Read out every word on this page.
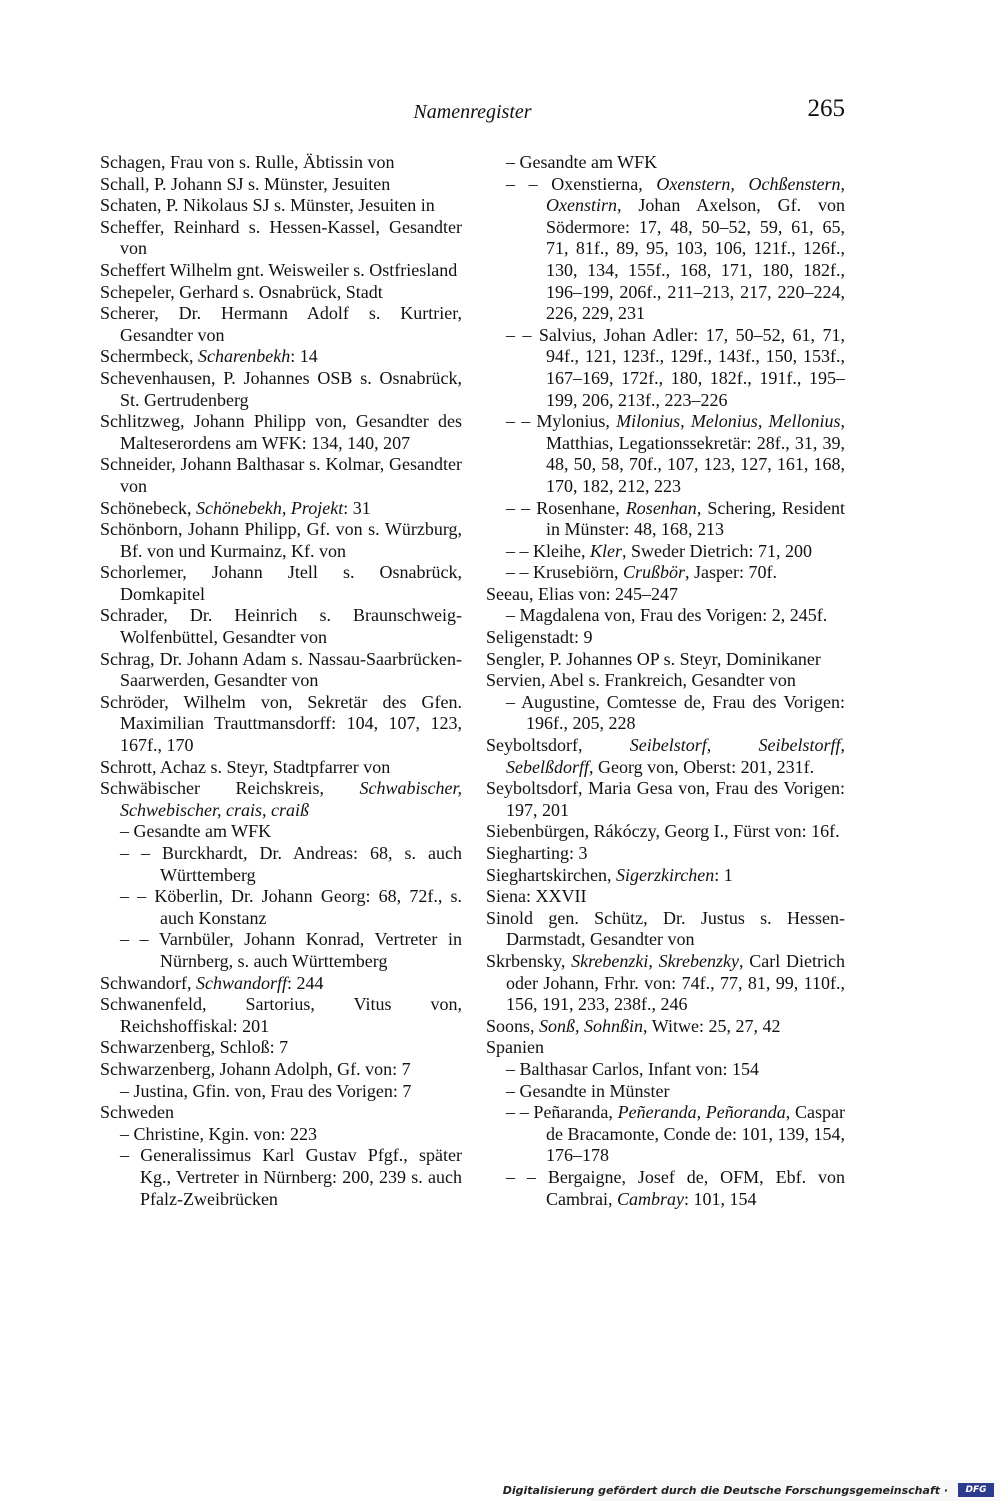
Namenregister	265
Schagen, Frau von s. Rulle, Äbtissin von
Schall, P. Johann SJ s. Münster, Jesuiten
Schaten, P. Nikolaus SJ s. Münster, Jesuiten in
Scheffer, Reinhard s. Hessen-Kassel, Gesandter von
Scheffert Wilhelm gnt. Weisweiler s. Ostfriesland
Schepeler, Gerhard s. Osnabrück, Stadt
Scherer, Dr. Hermann Adolf s. Kurtrier, Gesandter von
Schermbeck, Scharenbekh: 14
Schevenhausen, P. Johannes OSB s. Osnabrück, St. Gertrudenberg
Schlitzweg, Johann Philipp von, Gesandter des Malteserordens am WFK: 134, 140, 207
Schneider, Johann Balthasar s. Kolmar, Gesandter von
Schönebeck, Schönebekh, Projekt: 31
Schönborn, Johann Philipp, Gf. von s. Würzburg, Bf. von und Kurmainz, Kf. von
Schorlemer, Johann Jtell s. Osnabrück, Domkapitel
Schrader, Dr. Heinrich s. Braunschweig-Wolfenbüttel, Gesandter von
Schrag, Dr. Johann Adam s. Nassau-Saarbrücken-Saarwerden, Gesandter von
Schröder, Wilhelm von, Sekretär des Gfen. Maximilian Trauttmansdorff: 104, 107, 123, 167f., 170
Schrott, Achaz s. Steyr, Stadtpfarrer von
Schwäbischer Reichskreis, Schwabischer, Schwebischer, crais, craiß
– Gesandte am WFK
– – Burckhardt, Dr. Andreas: 68, s. auch Württemberg
– – Köberlin, Dr. Johann Georg: 68, 72f., s. auch Konstanz
– – Varnbüler, Johann Konrad, Vertreter in Nürnberg, s. auch Württemberg
Schwandorf, Schwandorff: 244
Schwanenfeld, Sartorius, Vitus von, Reichshoffiskal: 201
Schwarzenberg, Schloß: 7
Schwarzenberg, Johann Adolph, Gf. von: 7
– Justina, Gfin. von, Frau des Vorigen: 7
Schweden
– Christine, Kgin. von: 223
– Generalissimus Karl Gustav Pfgf., später Kg., Vertreter in Nürnberg: 200, 239 s. auch Pfalz-Zweibrücken
– Gesandte am WFK
– – Oxenstierna, Oxenstern, Ochßenstern, Oxenstirn, Johan Axelson, Gf. von Södermore: 17, 48, 50–52, 59, 61, 65, 71, 81f., 89, 95, 103, 106, 121f., 126f., 130, 134, 155f., 168, 171, 180, 182f., 196–199, 206f., 211–213, 217, 220–224, 226, 229, 231
– – Salvius, Johan Adler: 17, 50–52, 61, 71, 94f., 121, 123f., 129f., 143f., 150, 153f., 167–169, 172f., 180, 182f., 191f., 195–199, 206, 213f., 223–226
– – Mylonius, Milonius, Melonius, Mellonius, Matthias, Legationssekretär: 28f., 31, 39, 48, 50, 58, 70f., 107, 123, 127, 161, 168, 170, 182, 212, 223
– – Rosenhane, Rosenhan, Schering, Resident in Münster: 48, 168, 213
– – Kleihe, Kler, Sweder Dietrich: 71, 200
– – Krusebiörn, Crußbör, Jasper: 70f.
Seeau, Elias von: 245–247
– Magdalena von, Frau des Vorigen: 2, 245f.
Seligenstadt: 9
Sengler, P. Johannes OP s. Steyr, Dominikaner
Servien, Abel s. Frankreich, Gesandter von
– Augustine, Comtesse de, Frau des Vorigen: 196f., 205, 228
Seyboltsdorf, Seibelstorf, Seibelstorff, Sebelßdorff, Georg von, Oberst: 201, 231f.
Seyboltsdorf, Maria Gesa von, Frau des Vorigen: 197, 201
Siebenbürgen, Rákóczy, Georg I., Fürst von: 16f.
Siegharting: 3
Sieghartskirchen, Sigerzkirchen: 1
Siena: XXVII
Sinold gen. Schütz, Dr. Justus s. Hessen-Darmstadt, Gesandter von
Skrbensky, Skrebenzki, Skrebenzky, Carl Dietrich oder Johann, Frhr. von: 74f., 77, 81, 99, 110f., 156, 191, 233, 238f., 246
Soons, Sonß, Sohnßin, Witwe: 25, 27, 42
Spanien
– Balthasar Carlos, Infant von: 154
– Gesandte in Münster
– – Peñaranda, Peñeranda, Peñoranda, Caspar de Bracamonte, Conde de: 101, 139, 154, 176–178
– – Bergaigne, Josef de, OFM, Ebf. von Cambrai, Cambray: 101, 154
Digitalisierung gefördert durch die Deutsche Forschungsgemeinschaft ·	DFG
